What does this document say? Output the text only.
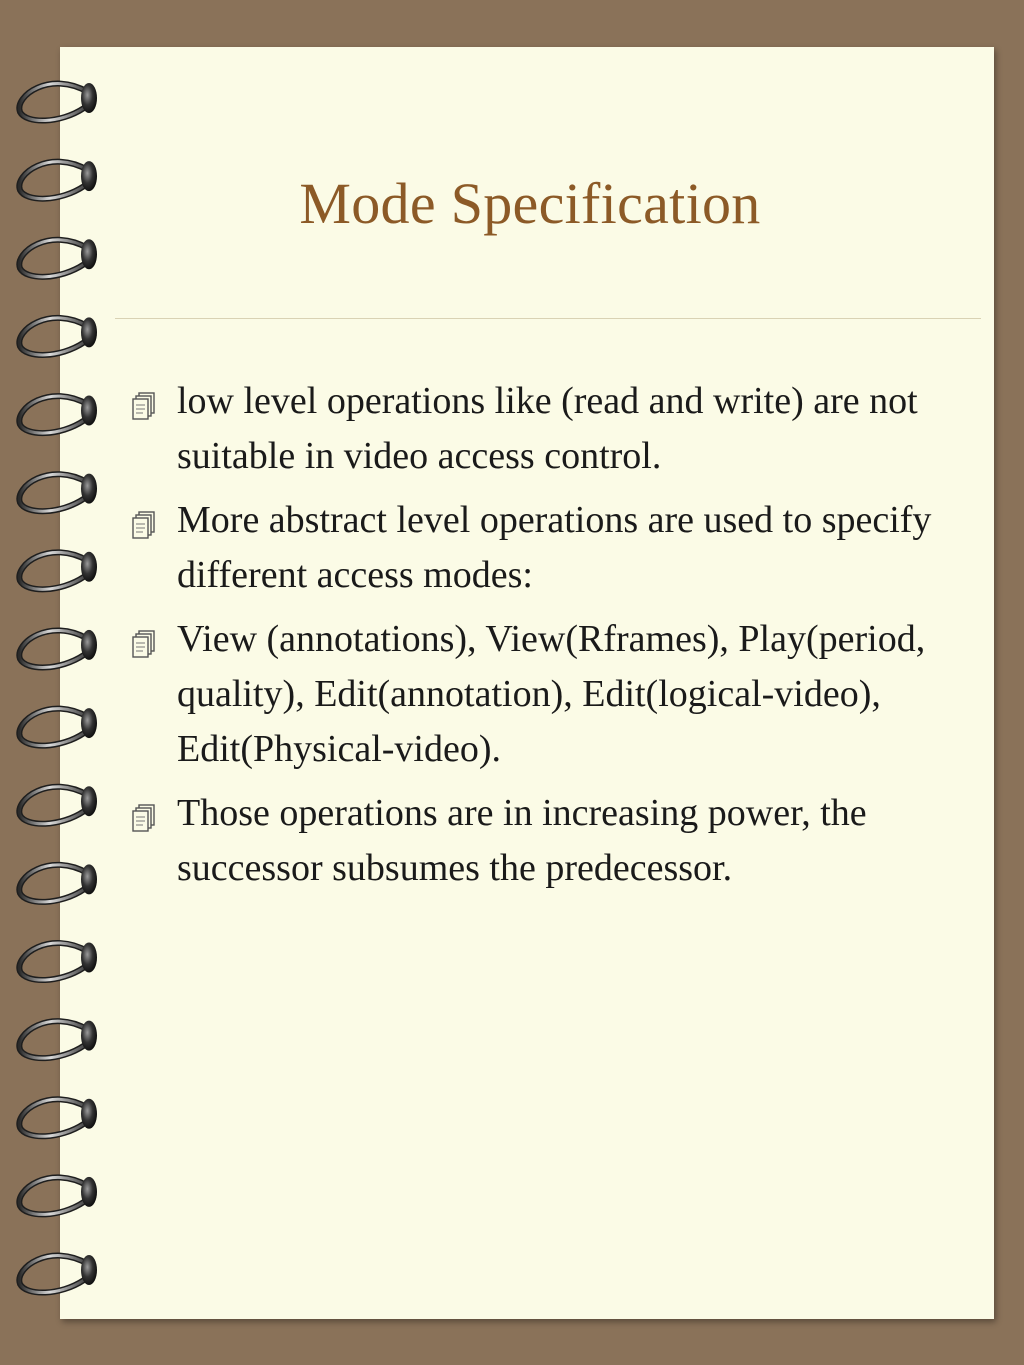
Mode Specification
low level operations like (read and write) are not suitable in video access control.
More abstract level operations are used to specify different access modes:
View (annotations), View(Rframes), Play(period, quality), Edit(annotation), Edit(logical-video), Edit(Physical-video).
Those operations are in increasing power, the successor subsumes the predecessor.
